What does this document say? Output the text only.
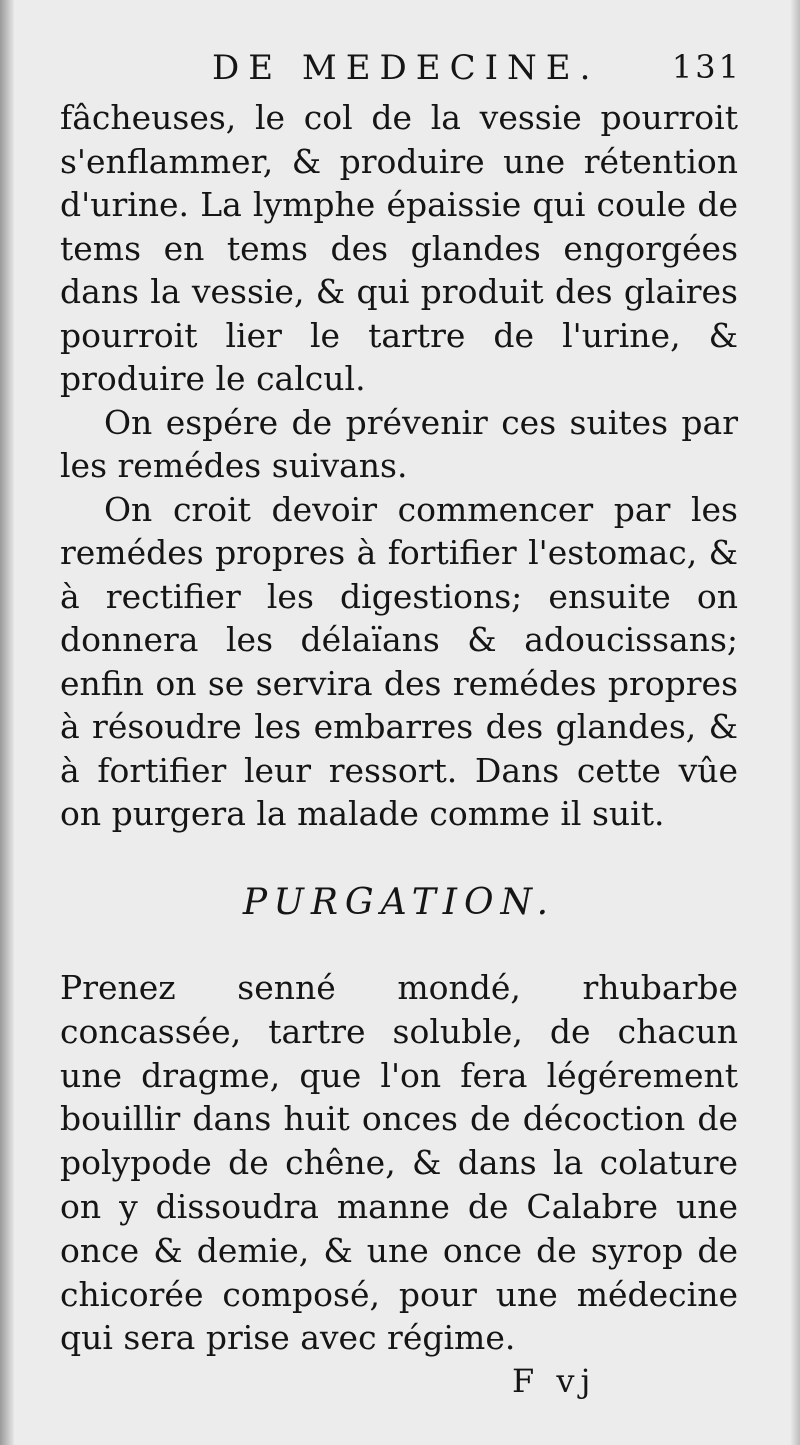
DE MEDECINE. 131

fâcheuses, le col de la vessie pourroit s'enflammer, & produire une rétention d'urine. La lymphe épaissie qui coule de tems en tems des glandes engorgées dans la vessie, & qui produit des glaires pourroit lier le tartre de l'urine, & produire le calcul.

On espére de prévenir ces suites par les remédes suivans.

On croit devoir commencer par les remédes propres à fortifier l'estomac, & à rectifier les digestions; ensuite on donnera les délaïans & adoucissans; enfin on se servira des remédes propres à résoudre les embarres des glandes, & à fortifier leur ressort. Dans cette vûe on purgera la malade comme il suit.

PURGATION.

Prenez senné mondé, rhubarbe concassée, tartre soluble, de chacun une dragme, que l'on fera légérement bouillir dans huit onces de décoction de polypode de chêne, & dans la colature on y dissoudra manne de Calabre une once & demie, & une once de syrop de chicorée composé, pour une médecine qui sera prise avec régime.

F vj
